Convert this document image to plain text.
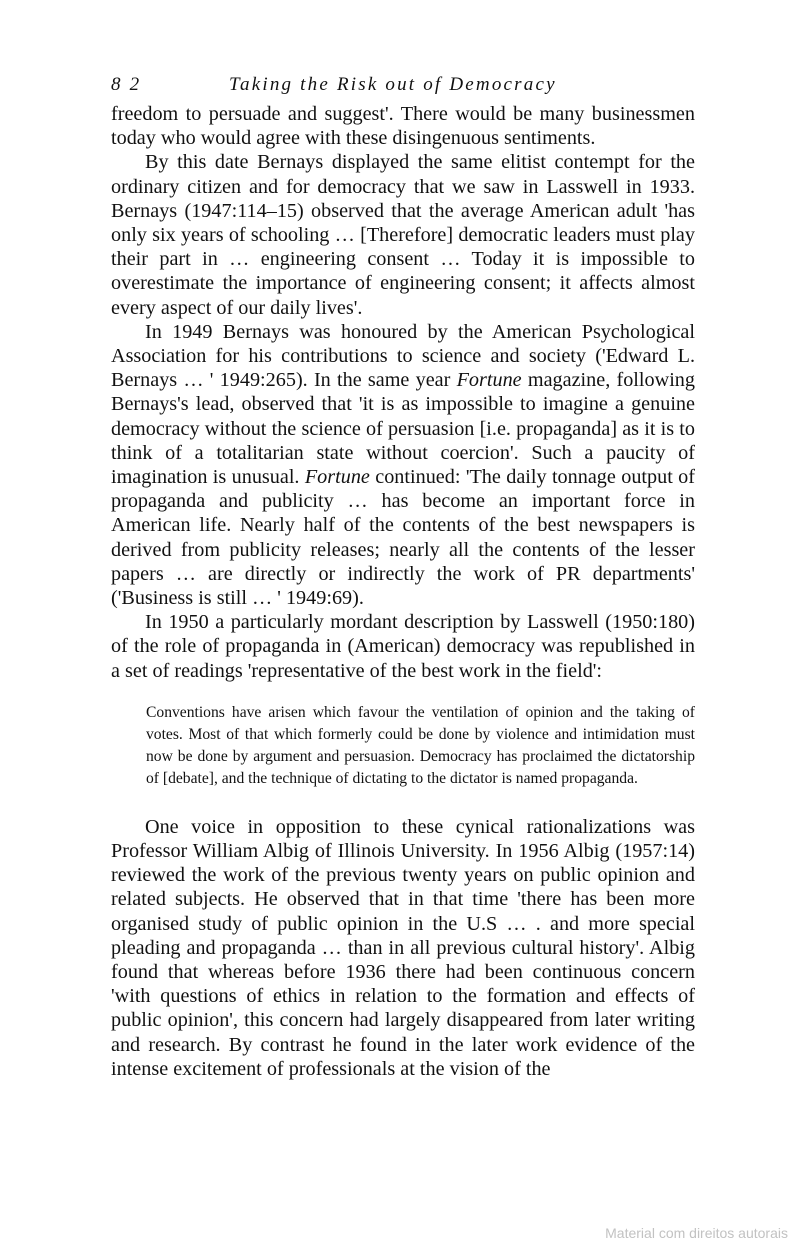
8 2	Taking the Risk out of Democracy

freedom to persuade and suggest'. There would be many businessmen today who would agree with these disingenuous sentiments.

By this date Bernays displayed the same elitist contempt for the ordinary citizen and for democracy that we saw in Lasswell in 1933. Bernays (1947:114–15) observed that the average American adult 'has only six years of schooling … [Therefore] democratic leaders must play their part in … engineering consent … Today it is impossible to overestimate the importance of engineering consent; it affects almost every aspect of our daily lives'.

In 1949 Bernays was honoured by the American Psychological Association for his contributions to science and society ('Edward L. Bernays … ' 1949:265). In the same year Fortune magazine, following Bernays's lead, observed that 'it is as impossible to imagine a genuine democracy without the science of persuasion [i.e. propaganda] as it is to think of a totalitarian state without coercion'. Such a paucity of imagination is unusual. Fortune continued: 'The daily tonnage output of propaganda and publicity … has become an important force in American life. Nearly half of the contents of the best newspapers is derived from publicity releases; nearly all the contents of the lesser papers … are directly or indirectly the work of PR departments' ('Business is still … ' 1949:69).

In 1950 a particularly mordant description by Lasswell (1950:180) of the role of propaganda in (American) democracy was republished in a set of readings 'representative of the best work in the field':

Conventions have arisen which favour the ventilation of opinion and the taking of votes. Most of that which formerly could be done by violence and intimidation must now be done by argument and persuasion. Democracy has proclaimed the dictatorship of [debate], and the technique of dictating to the dictator is named propaganda.

One voice in opposition to these cynical rationalizations was Professor William Albig of Illinois University. In 1956 Albig (1957:14) reviewed the work of the previous twenty years on public opinion and related subjects. He observed that in that time 'there has been more organised study of public opinion in the U.S … . and more special pleading and propaganda … than in all previous cultural history'. Albig found that whereas before 1936 there had been continuous concern 'with questions of ethics in relation to the formation and effects of public opinion', this concern had largely disappeared from later writing and research. By contrast he found in the later work evidence of the intense excitement of professionals at the vision of the

Material com direitos autorais
